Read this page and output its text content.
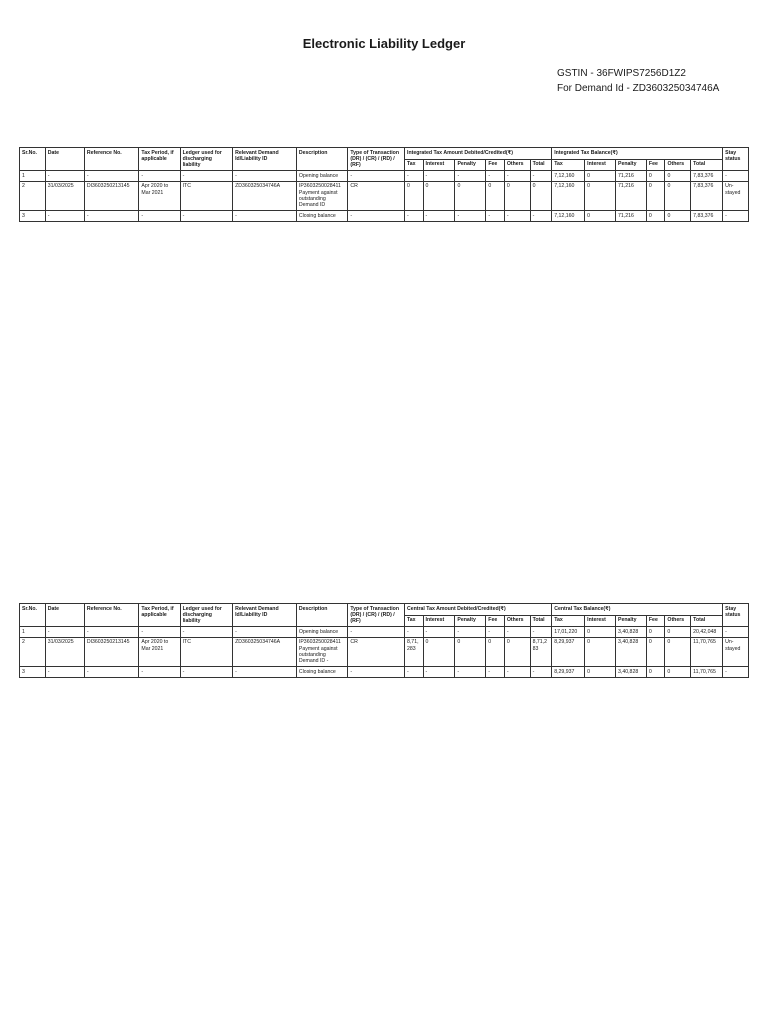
Electronic Liability Ledger
GSTIN - 36FWIPS7256D1Z2
For Demand Id - ZD360325034746A
Sr.No.	Date	Reference No.	Tax Period, if applicable	Ledger used for discharging liability	Relevant Demand Id/Liability ID	Description	Type of Transaction (DR) / (CR) / (RD) / (RF)	Integrated Tax Amount Debited/Credited(₹)						Integrated Tax Balance(₹)						Stay status
								Tax	Interest	Penalty	Fee	Others	Total	Tax	Interest	Penalty	Fee	Others	Total	
1	-	-	-	-	-	Opening balance	-	-	-	-	-	-	-	7,12,160	0	71,216	0	0	7,83,376	-
2	31/03/2025	DI3603250213145	Apr 2020 to Mar 2021	ITC	ZD360325034746A	IP3603250028411 Payment against outstanding Demand ID	CR	0	0	0	0	0	0	7,12,160	0	71,216	0	0	7,83,376	Un-stayed
3	-	-	-	-	-	Closing balance	-	-	-	-	-	-	-	7,12,160	0	71,216	0	0	7,83,376	-
Sr.No.	Date	Reference No.	Tax Period, if applicable	Ledger used for discharging liability	Relevant Demand Id/Liability ID	Description	Type of Transaction (DR) / (CR) / (RD) / (RF)	Central Tax Amount Debited/Credited(₹)						Central Tax Balance(₹)						Stay status
								Tax	Interest	Penalty	Fee	Others	Total	Tax	Interest	Penalty	Fee	Others	Total	
1	-	-	-	-	-	Opening balance	-	-	-	-	-	-	-	17,01,220	0	3,40,828	0	0	20,42,048	-
2	31/03/2025	DI3603250213145	Apr 2020 to Mar 2021	ITC	ZD360325034746A	IP3603250028411 Payment against outstanding Demand ID -	CR	8,71,283	0	0	0	0	8,71,283	8,29,937	0	3,40,828	0	0	11,70,765	Un-stayed
3	-	-	-	-	-	Closing balance	-	-	-	-	-	-	-	8,29,937	0	3,40,828	0	0	11,70,765	-
